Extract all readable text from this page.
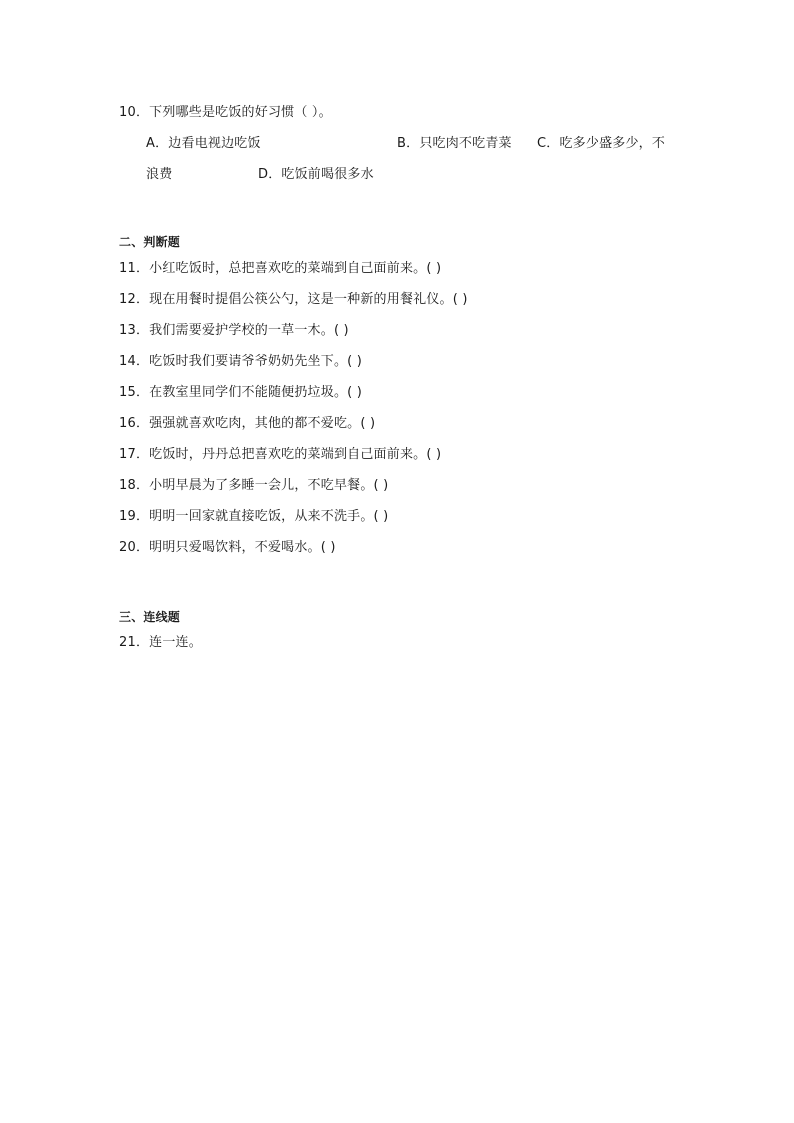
10．下列哪些是吃饭的好习惯（ ）。
A．边看电视边吃饭	B．只吃肉不吃青菜 C．吃多少盛多少，不
浪费	D．吃饭前喝很多水
二、判断题
11．小红吃饭时，总把喜欢吃的菜端到自己面前来。( )
12．现在用餐时提倡公筷公勺，这是一种新的用餐礼仪。( )
13．我们需要爱护学校的一草一木。( )
14．吃饭时我们要请爷爷奶奶先坐下。( )
15．在教室里同学们不能随便扔垃圾。( )
16．强强就喜欢吃肉，其他的都不爱吃。( )
17．吃饭时，丹丹总把喜欢吃的菜端到自己面前来。( )
18．小明早晨为了多睡一会儿，不吃早餐。( )
19．明明一回家就直接吃饭，从来不洗手。( )
20．明明只爱喝饮料，不爱喝水。( )
三、连线题
21．连一连。
